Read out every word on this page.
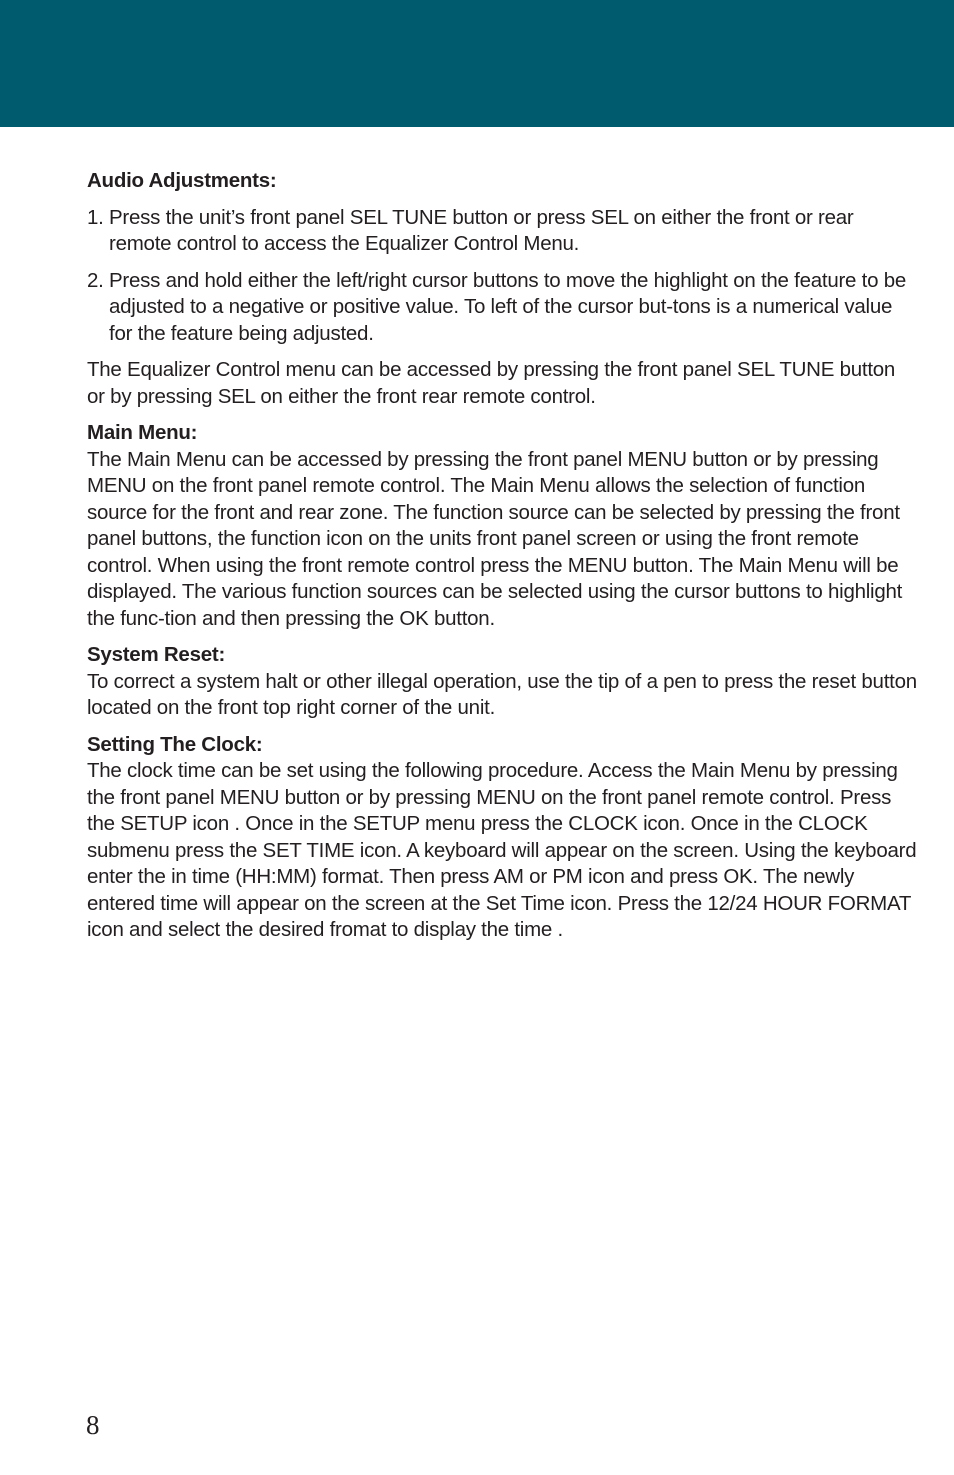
Audio Adjustments:

1. Press the unit’s front panel SEL TUNE button or press SEL on either the front or rear remote control to access the Equalizer Control Menu.
2. Press and hold either the left/right cursor buttons to move the highlight on the feature to be adjusted to a negative or positive value. To left of the cursor but-tons is a numerical value for the feature being adjusted.

The Equalizer Control menu can be accessed by pressing the front panel SEL TUNE button or by pressing SEL on either the front rear remote control.

Main Menu:

The Main Menu can be accessed by pressing the front panel MENU button or by pressing MENU on the front panel remote control. The Main Menu allows the selection of function source for the front and rear zone. The function source can be selected by pressing the front panel buttons, the function icon on the units front panel screen or using the front remote control. When using the front remote control press the MENU button. The Main Menu will be displayed. The various function sources can be selected using the cursor buttons to highlight the func-tion and then pressing the OK button.

System Reset:

To correct a system halt or other illegal operation, use the tip of a pen to press the reset button located on the front top right corner of the unit.

Setting The Clock:

The clock time can be set using the following procedure. Access the Main Menu by pressing the front panel MENU button or by pressing MENU on the front panel remote control. Press the SETUP icon . Once in the SETUP menu press the CLOCK icon. Once in the CLOCK submenu press the SET TIME icon. A keyboard will appear on the screen. Using the keyboard enter the in time (HH:MM) format. Then press AM or PM icon and press OK. The newly entered time will appear on the screen at the Set Time icon. Press the 12/24 HOUR FORMAT icon and select the desired fromat to display the time .

8
